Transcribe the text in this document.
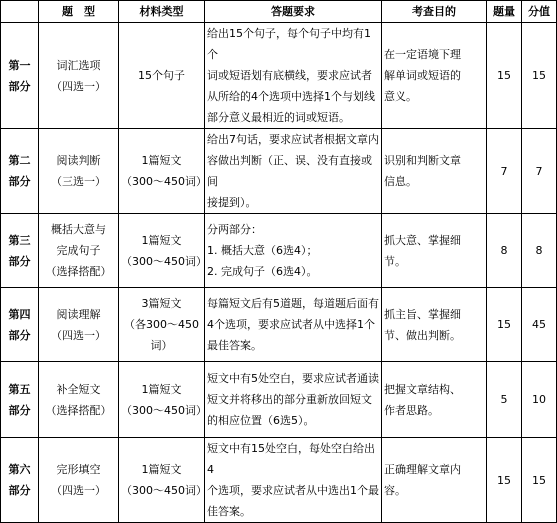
	题　型	材料类型	答题要求	考查目的	题量	分值

第一
部分	词汇选项
（四选一）	15个句子	给出15个句子，每个句子中均有1个
词或短语划有底横线，要求应试者
从所给的4个选项中选择1个与划线
部分意义最相近的词或短语。	在一定语境下理
解单词或短语的
意义。	15	15

第二
部分	阅读判断
（三选一）	1篇短文
（300～450词）	给出7句话，要求应试者根据文章内
容做出判断（正、误、没有直接或间
接提到）。	识别和判断文章
信息。	7	7

第三
部分	概括大意与
完成句子
（选择搭配）	1篇短文
（300～450词）	分两部分：
1. 概括大意（6选4）；
2. 完成句子（6选4）。	抓大意、掌握细
节。	8	8

第四
部分	阅读理解
（四选一）	3篇短文
（各300～450词）	每篇短文后有5道题，每道题后面有
4个选项，要求应试者从中选择1个
最佳答案。	抓主旨、掌握细
节、做出判断。	15	45

第五
部分	补全短文
（选择搭配）	1篇短文
（300～450词）	短文中有5处空白，要求应试者通读
短文并将移出的部分重新放回短文
的相应位置（6选5）。	把握文章结构、
作者思路。	5	10

第六
部分	完形填空
（四选一）	1篇短文
（300～450词）	短文中有15处空白，每处空白给出4
个选项，要求应试者从中选出1个最
佳答案。	正确理解文章内
容。	15	15
